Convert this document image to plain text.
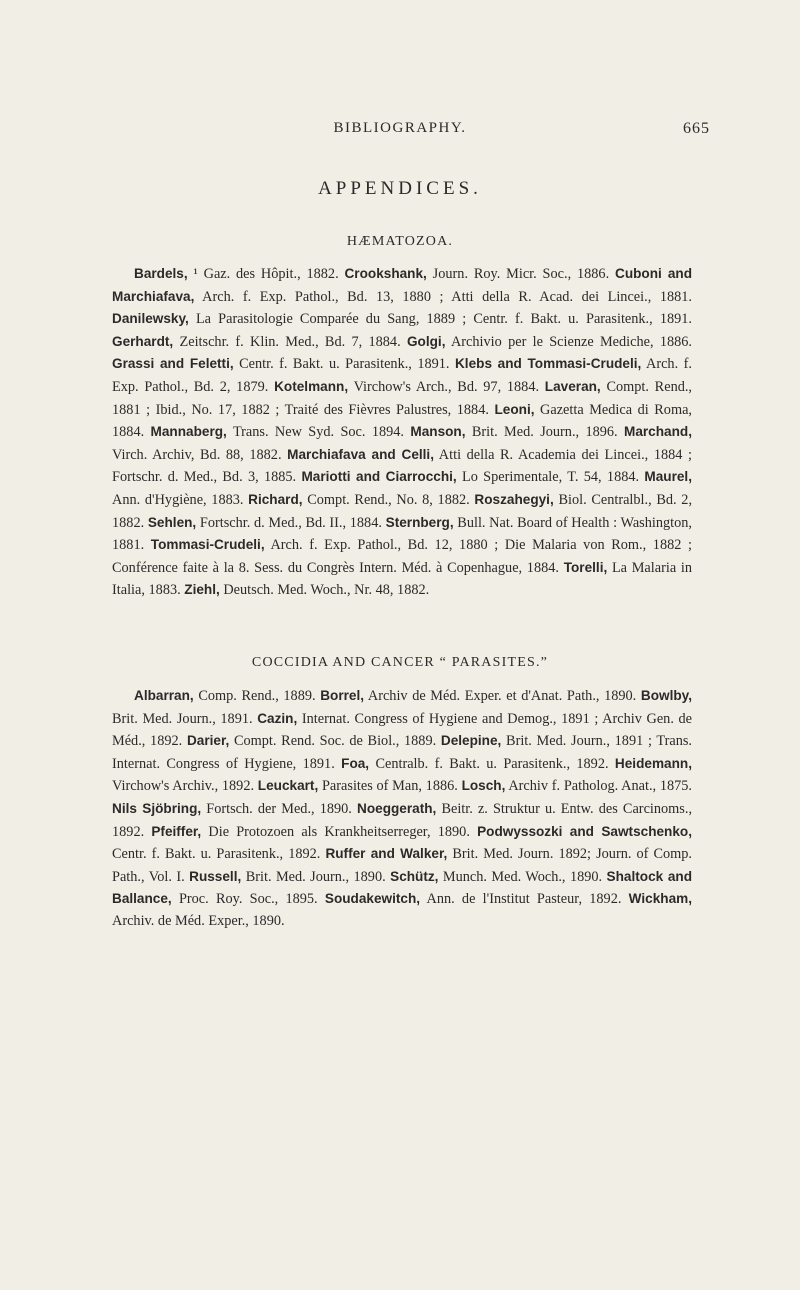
BIBLIOGRAPHY.	665
APPENDICES.
HÆMATOZOA.
Bardels, ¹ Gaz. des Hôpit., 1882. Crookshank, Journ. Roy. Micr. Soc., 1886. Cuboni and Marchiafava, Arch. f. Exp. Pathol., Bd. 13, 1880 ; Atti della R. Acad. dei Lincei., 1881. Danilewsky, La Parasitologie Comparée du Sang, 1889 ; Centr. f. Bakt. u. Parasitenk., 1891. Gerhardt, Zeitschr. f. Klin. Med., Bd. 7, 1884. Golgi, Archivio per le Scienze Mediche, 1886. Grassi and Feletti, Centr. f. Bakt. u. Parasitenk., 1891. Klebs and Tommasi-Crudeli, Arch. f. Exp. Pathol., Bd. 2, 1879. Kotelmann, Virchow's Arch., Bd. 97, 1884. Laveran, Compt. Rend., 1881 ; Ibid., No. 17, 1882 ; Traité des Fièvres Palustres, 1884. Leoni, Gazetta Medica di Roma, 1884. Mannaberg, Trans. New Syd. Soc. 1894. Manson, Brit. Med. Journ., 1896. Marchand, Virch. Archiv, Bd. 88, 1882. Marchiafava and Celli, Atti della R. Academia dei Lincei., 1884 ; Fortschr. d. Med., Bd. 3, 1885. Mariotti and Ciarrocchi, Lo Sperimentale, T. 54, 1884. Maurel, Ann. d'Hygiène, 1883. Richard, Compt. Rend., No. 8, 1882. Roszahegyi, Biol. Centralbl., Bd. 2, 1882. Sehlen, Fortschr. d. Med., Bd. II., 1884. Sternberg, Bull. Nat. Board of Health : Washington, 1881. Tommasi-Crudeli, Arch. f. Exp. Pathol., Bd. 12, 1880 ; Die Malaria von Rom., 1882 ; Conférence faite à la 8. Sess. du Congrès Intern. Méd. à Copenhague, 1884. Torelli, La Malaria in Italia, 1883. Ziehl, Deutsch. Med. Woch., Nr. 48, 1882.
COCCIDIA AND CANCER “ PARASITES.”
Albarran, Comp. Rend., 1889. Borrel, Archiv de Méd. Exper. et d'Anat. Path., 1890. Bowlby, Brit. Med. Journ., 1891. Cazin, Internat. Congress of Hygiene and Demog., 1891 ; Archiv Gen. de Méd., 1892. Darier, Compt. Rend. Soc. de Biol., 1889. Delepine, Brit. Med. Journ., 1891 ; Trans. Internat. Congress of Hygiene, 1891. Foa, Centralb. f. Bakt. u. Parasitenk., 1892. Heidemann, Virchow's Archiv., 1892. Leuckart, Parasites of Man, 1886. Losch, Archiv f. Patholog. Anat., 1875. Nils Sjöbring, Fortsch. der Med., 1890. Noeggerath, Beitr. z. Struktur u. Entw. des Carcinoms., 1892. Pfeiffer, Die Protozoen als Krankheitserreger, 1890. Podwyssozki and Sawtschenko, Centr. f. Bakt. u. Parasitenk., 1892. Ruffer and Walker, Brit. Med. Journ. 1892; Journ. of Comp. Path., Vol. I. Russell, Brit. Med. Journ., 1890. Schütz, Munch. Med. Woch., 1890. Shaltock and Ballance, Proc. Roy. Soc., 1895. Soudakewitch, Ann. de l'Institut Pasteur, 1892. Wickham, Archiv. de Méd. Exper., 1890.
